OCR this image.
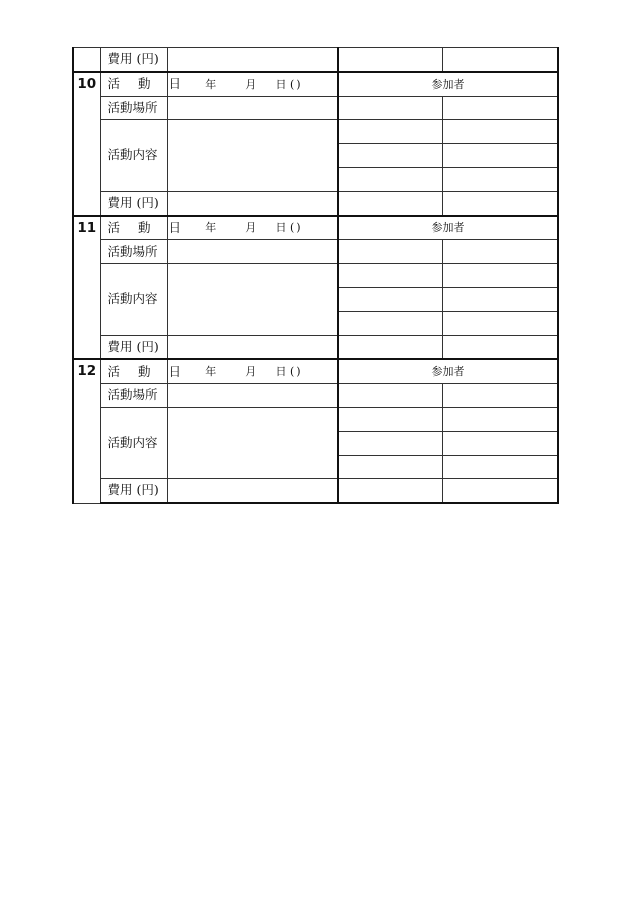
	費用 (円)			
10	活 動 日	年 月 日 ( )	参加者	
	活動場所			
	活動内容			

	費用 (円)			
11	活 動 日	年 月 日 ( )	参加者	
	活動場所			
	活動内容			

	費用 (円)			
12	活 動 日	年 月 日 ( )	参加者	
	活動場所			
	活動内容			

	費用 (円)			
